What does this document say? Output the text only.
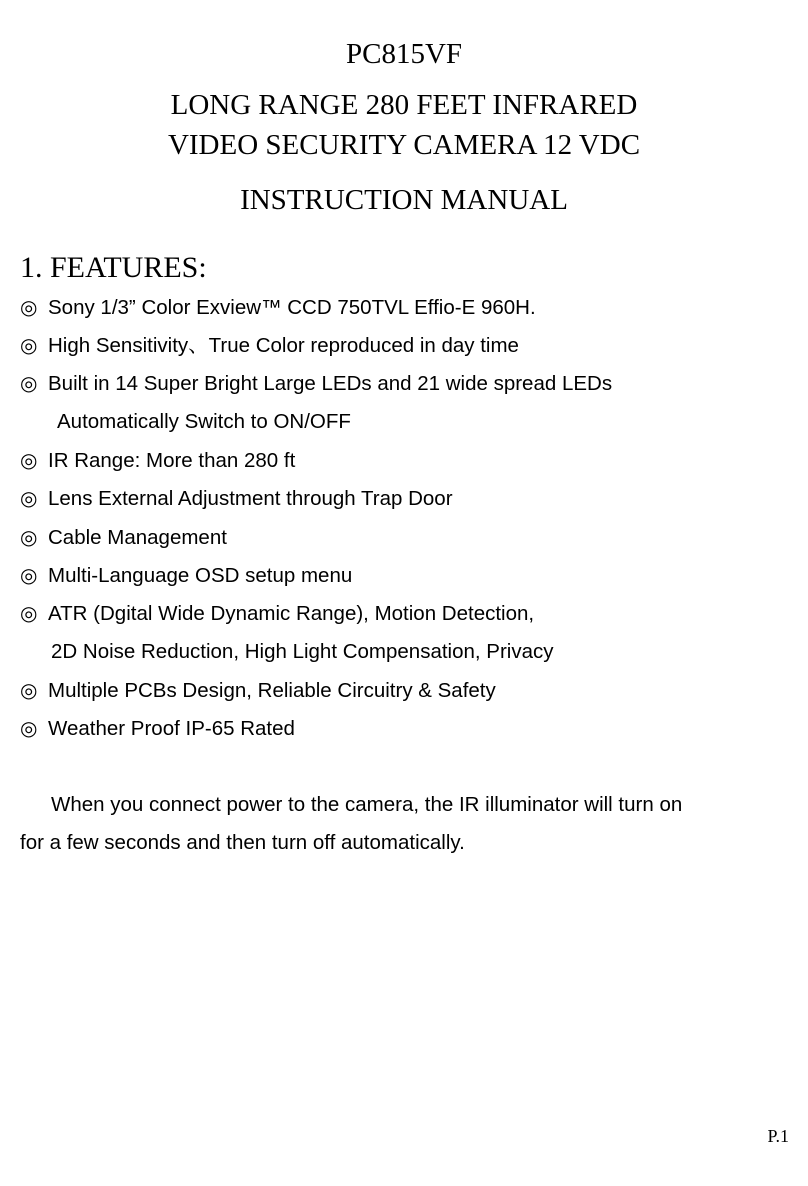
PC815VF
LONG RANGE 280 FEET INFRARED
VIDEO SECURITY CAMERA 12 VDC
INSTRUCTION MANUAL
1. FEATURES:
◎ Sony 1/3” Color Exview™ CCD 750TVL Effio-E 960H.
◎ High Sensitivity、True Color reproduced in day time
◎ Built in 14 Super Bright Large LEDs and 21 wide spread LEDs
Automatically Switch to ON/OFF
◎ IR Range: More than 280 ft
◎ Lens External Adjustment through Trap Door
◎ Cable Management
◎ Multi-Language OSD setup menu
◎ ATR (Dgital Wide Dynamic Range), Motion Detection,
2D Noise Reduction, High Light Compensation, Privacy
◎ Multiple PCBs Design, Reliable Circuitry & Safety
◎ Weather Proof IP-65 Rated
When you connect power to the camera, the IR illuminator will turn on
for a few seconds and then turn off automatically.
P.1
